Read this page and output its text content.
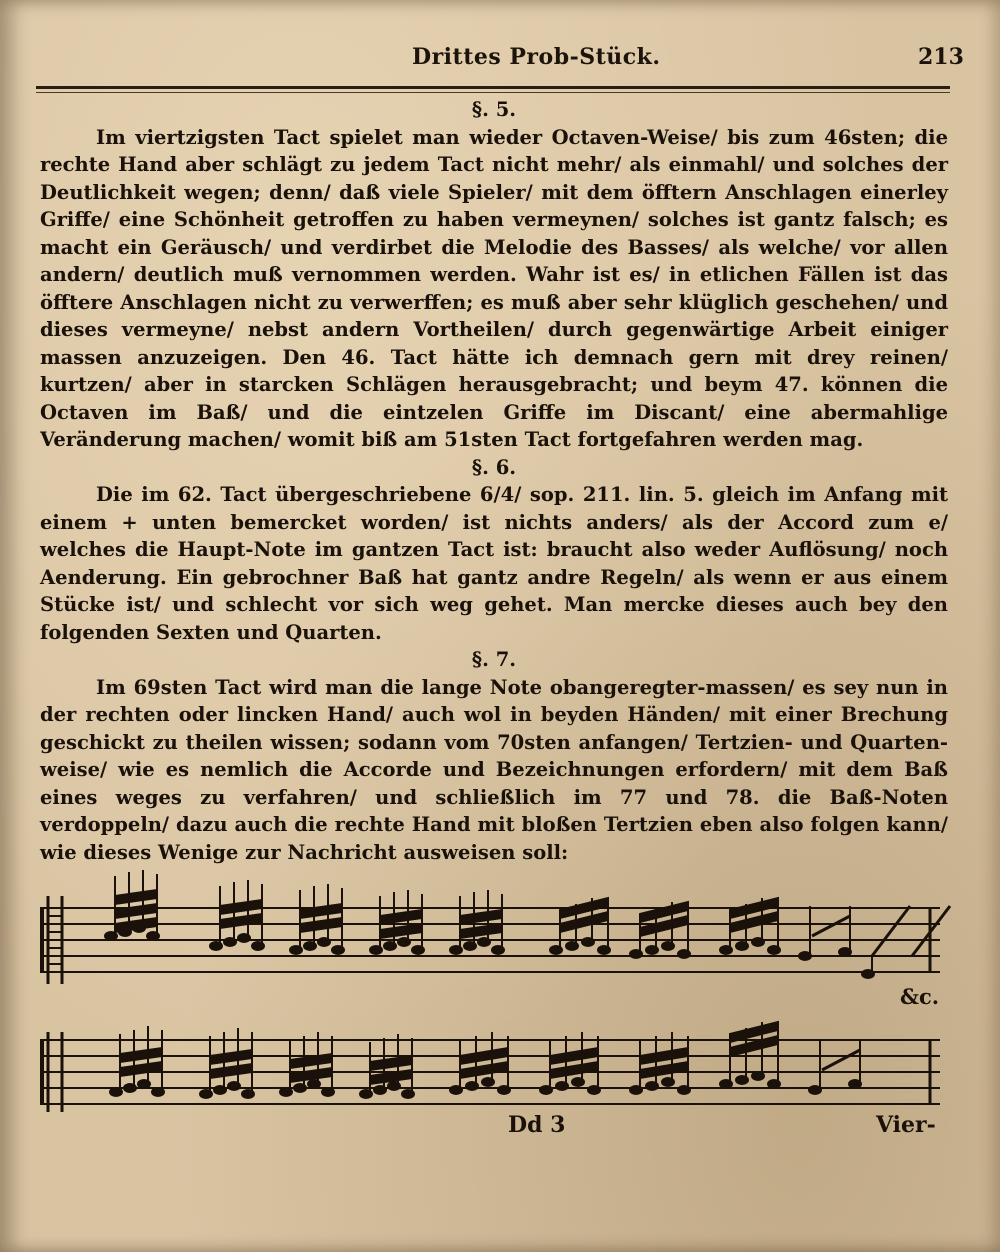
Drittes Prob-Stück.	213

§. 5.

Im viertzigsten Tact spielet man wieder Octaven-Weise/ bis zum 46sten; die rechte Hand aber schlägt zu jedem Tact nicht mehr/ als einmahl/ und solches der Deutlichkeit wegen; denn/ daß viele Spieler/ mit dem öfftern Anschlagen einerley Griffe/ eine Schönheit getroffen zu haben vermeynen/ solches ist gantz falsch; es macht ein Geräusch/ und verdirbet die Melodie des Basses/ als welche/ vor allen andern/ deutlich muß vernommen werden. Wahr ist es/ in etlichen Fällen ist das öfftere Anschlagen nicht zu verwerffen; es muß aber sehr klüglich geschehen/ und dieses vermeyne/ nebst andern Vortheilen/ durch gegenwärtige Arbeit einiger massen anzuzeigen. Den 46. Tact hätte ich demnach gern mit drey reinen/ kurtzen/ aber in starcken Schlägen herausgebracht; und beym 47. können die Octaven im Baß/ und die eintzelen Griffe im Discant/ eine abermahlige Veränderung machen/ womit biß am 51sten Tact fortgefahren werden mag.

§. 6.

Die im 62. Tact übergeschriebene 6/4/ sop. 211. lin. 5. gleich im Anfang mit einem + unten bemercket worden/ ist nichts anders/ als der Accord zum e/ welches die Haupt-Note im gantzen Tact ist: braucht also weder Auflösung/ noch Aenderung. Ein gebrochner Baß hat gantz andre Regeln/ als wenn er aus einem Stücke ist/ und schlecht vor sich weg gehet. Man mercke dieses auch bey den folgenden Sexten und Quarten.

§. 7.

Im 69sten Tact wird man die lange Note obangeregter-massen/ es sey nun in der rechten oder lincken Hand/ auch wol in beyden Händen/ mit einer Brechung geschickt zu theilen wissen; sodann vom 70sten anfangen/ Tertzien- und Quarten-weise/ wie es nemlich die Accorde und Bezeichnungen erfordern/ mit dem Baß eines weges zu verfahren/ und schließlich im 77 und 78. die Baß-Noten verdoppeln/ dazu auch die rechte Hand mit bloßen Tertzien eben also folgen kann/ wie dieses Wenige zur Nachricht ausweisen soll:

&c.
Dd 3	Vier-
